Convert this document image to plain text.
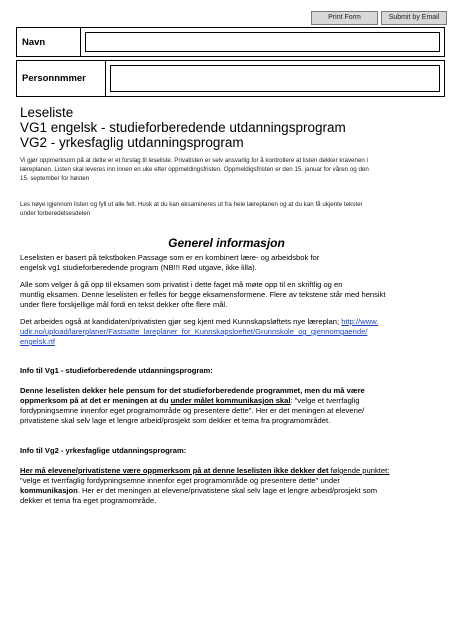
Print Form	Submit by Email
Navn
Personnmmer
Leseliste
VG1 engelsk - studieforberedende utdanningsprogram
VG2 - yrkesfaglig utdanningsprogram
Vi gjør oppmerksom på at dette er et forslag til leseliste. Privatisten er selv ansvarlig for å kontrollere at listen dekker kravenen i
læreplanen. Listen skal leveres inn innen en uke etter oppmeldingsfristen. Oppmeldigsfristen er den 15. januar for våren og den
15. september for høsten
Les nøye igjennom listen og fyll ut alle felt. Husk at du kan eksamineres ut fra hele læreplanen og at du kan få ukjente tekster
under forberedelsesdelen
Generel informasjon
Leselisten er basert på tekstboken Passage som er en kombinert lære- og arbeidsbok for
engelsk vg1 studieforberedende program (NB!!! Rød utgave, ikke lilla).
Alle som velger å gå opp til eksamen som privatist i dette faget må møte opp til en skriftlig og en
muntlig eksamen. Denne leselisten er felles for begge eksamensformene. Flere av tekstene står med hensikt
under flere forskjellige mål fordi en tekst dekker ofte flere mål.
Det arbeides også at kandidaten/privatisten gjør seg kjent med Kunnskapsløftets nye læreplan; http://www.
udir.no/upload/larerplaner/Fastsatte_lareplaner_for_Kunnskapsloeftet/Grunnskole_og_gjennomgaende/
engelsk.rtf
Info til Vg1 - studieforberedende utdanningsprogram:
Denne leselisten dekker hele pensum for det studieforberedende programmet, men du må være
oppmerksom på at det er meningen at du under målet kommunikasjon skal: "velge et tverrfaglig
fordypningsemne innenfor eget programområde og presentere dette". Her er det meningen at elevene/
privatistene skal selv lage et lengre arbeid/prosjekt som dekker et tema fra programområdet.
Info til Vg2 - yrkesfaglige utdanningsprogram:
Her må elevene/privatistene være oppmerksom på at denne leselisten ikke dekker det følgende punktet:
"velge et tverrfaglig fordypningsemne innenfor eget programområde og presentere dette" under
kommunikasjon. Her er det meningen at elevene/privatistene skal selv lage et lengre arbeid/prosjekt som
dekker et tema fra eget programområde.
